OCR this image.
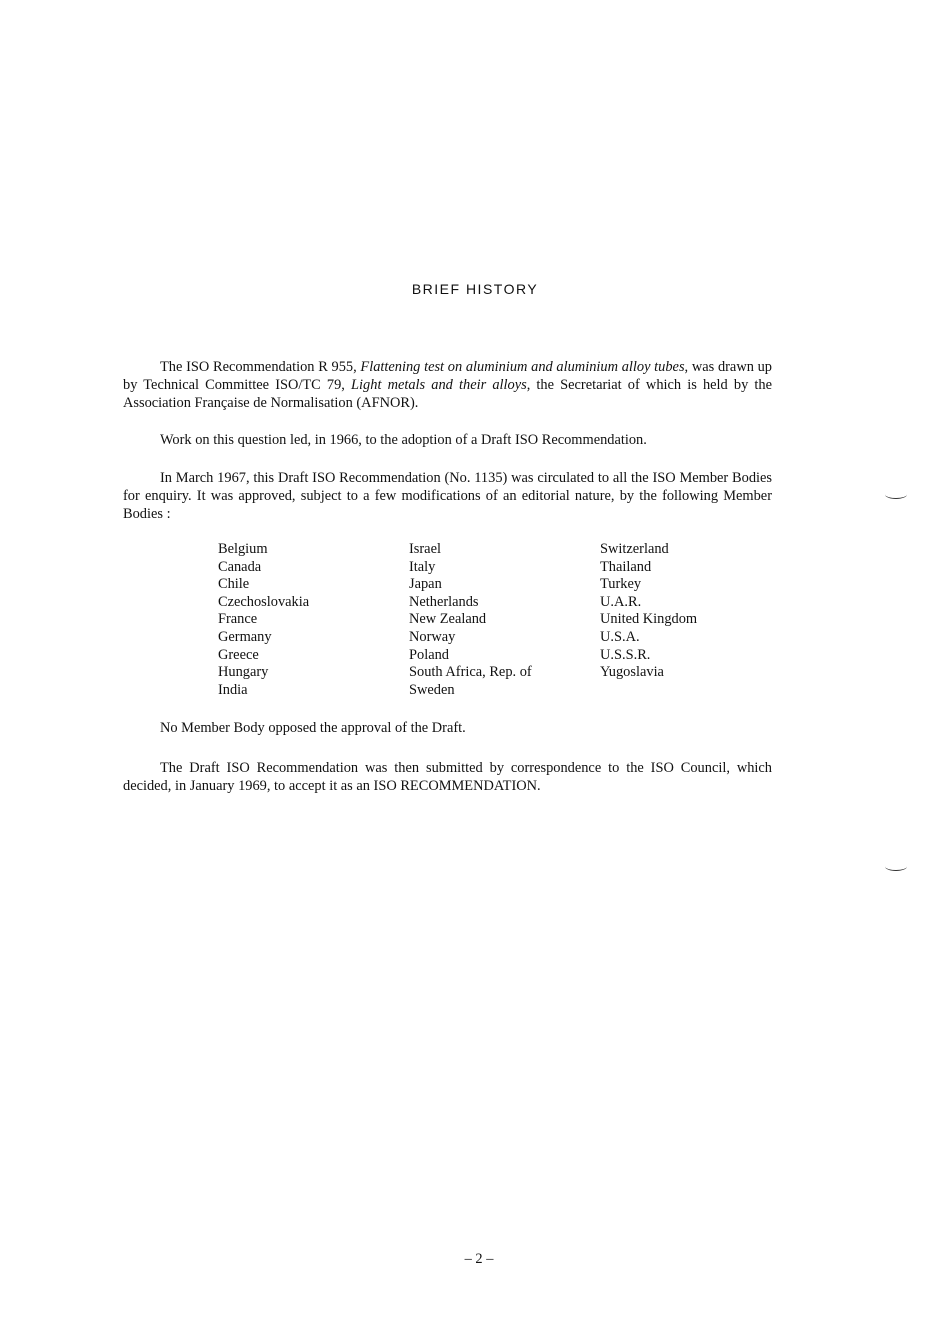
BRIEF HISTORY

The ISO Recommendation R 955, Flattening test on aluminium and aluminium alloy tubes, was drawn up by Technical Committee ISO/TC 79, Light metals and their alloys, the Secretariat of which is held by the Association Française de Normalisation (AFNOR).

Work on this question led, in 1966, to the adoption of a Draft ISO Recommendation.

In March 1967, this Draft ISO Recommendation (No. 1135) was circulated to all the ISO Member Bodies for enquiry. It was approved, subject to a few modifications of an editorial nature, by the following Member Bodies :

Belgium
Canada
Chile
Czechoslovakia
France
Germany
Greece
Hungary
India
Israel
Italy
Japan
Netherlands
New Zealand
Norway
Poland
South Africa, Rep. of
Sweden
Switzerland
Thailand
Turkey
U.A.R.
United Kingdom
U.S.A.
U.S.S.R.
Yugoslavia

No Member Body opposed the approval of the Draft.

The Draft ISO Recommendation was then submitted by correspondence to the ISO Council, which decided, in January 1969, to accept it as an ISO RECOMMENDATION.

– 2 –
